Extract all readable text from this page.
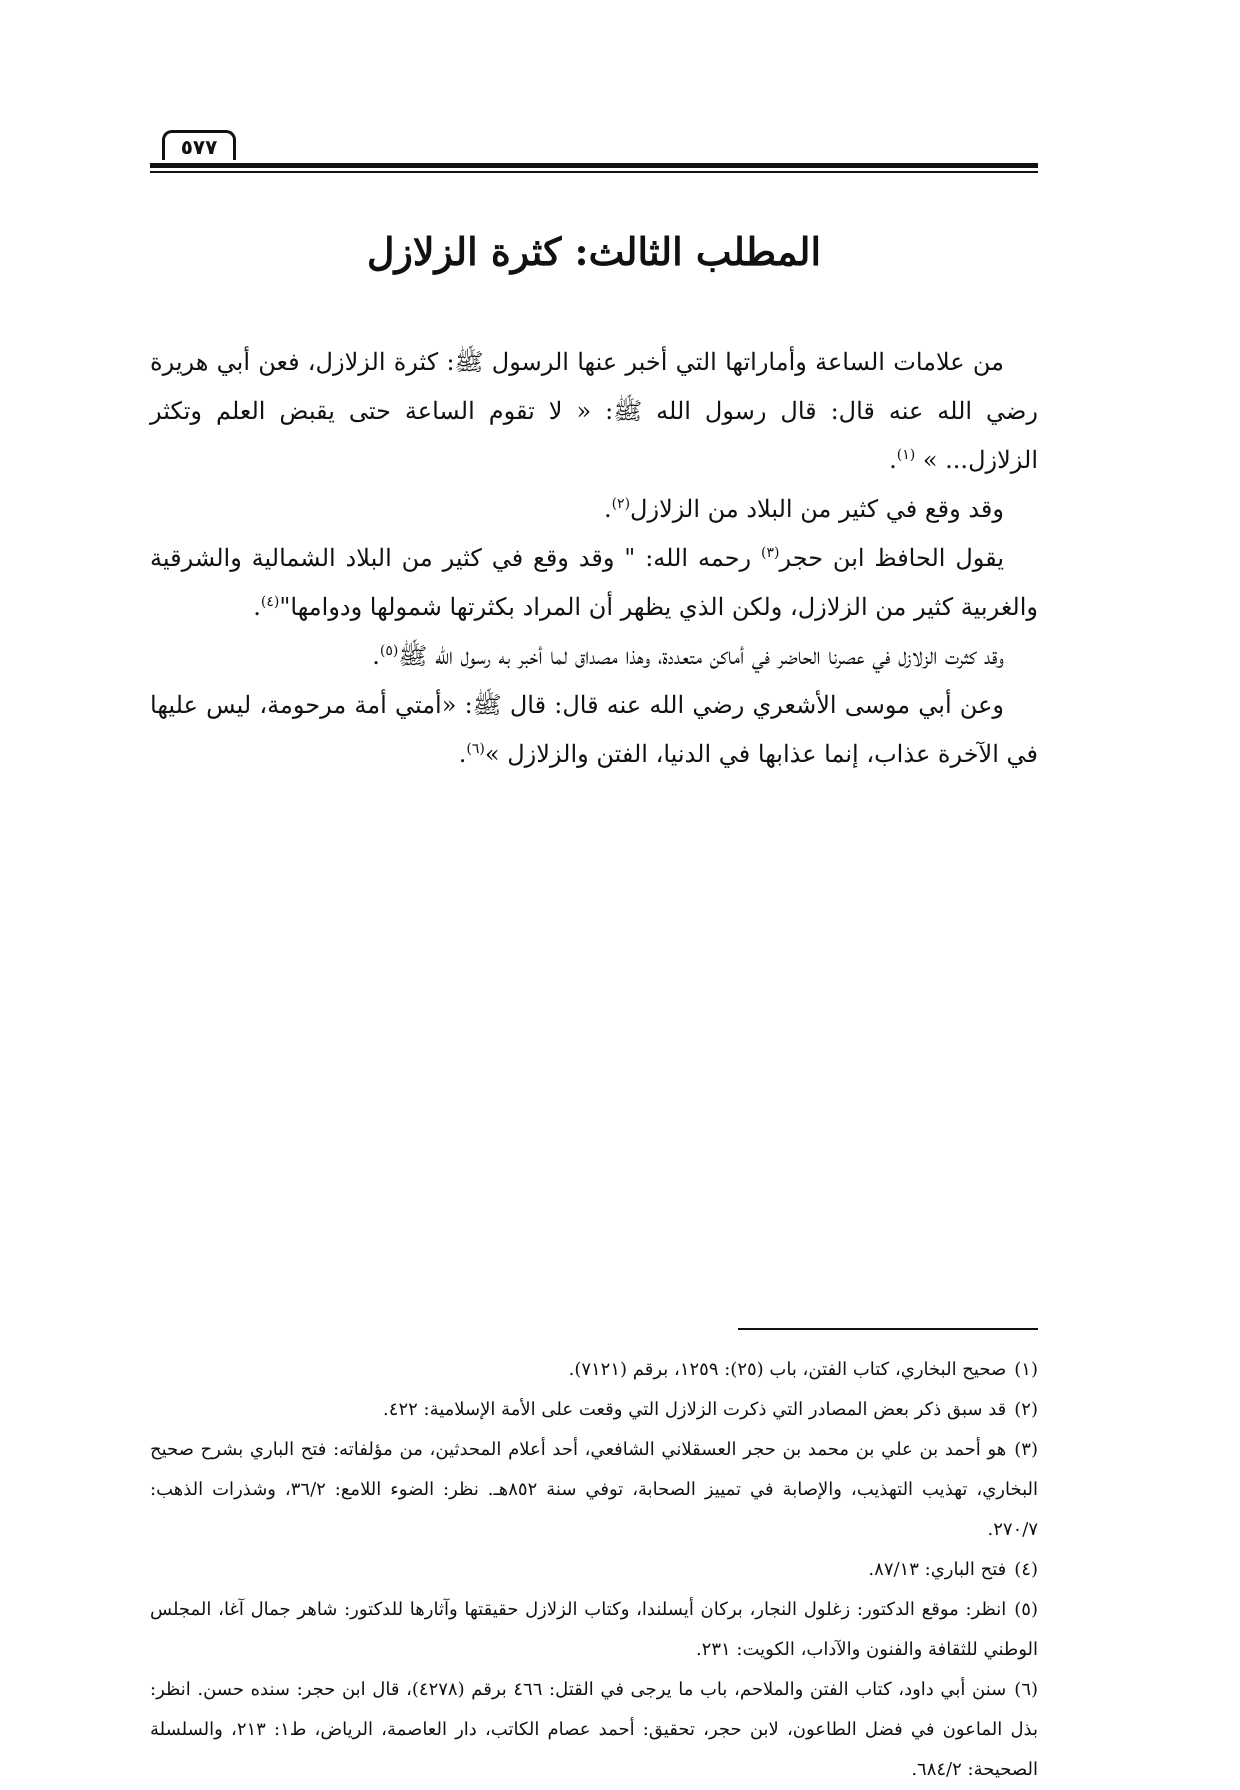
٥٧٧
المطلب الثالث: كثرة الزلازل

من علامات الساعة وأماراتها التي أخبر عنها الرسول ﷺ: كثرة الزلازل، فعن أبي هريرة رضي الله عنه قال: قال رسول الله ﷺ: « لا تقوم الساعة حتى يقبض العلم وتكثر الزلازل... » $^{(١)}$.

وقد وقع في كثير من البلاد من الزلازل$^{(٢)}$.

يقول الحافظ ابن حجر$^{(٣)}$ رحمه الله: " وقد وقع في كثير من البلاد الشمالية والشرقية والغربية كثير من الزلازل، ولكن الذي يظهر أن المراد بكثرتها شمولها ودوامها"$^{(٤)}$.

وقد كثرت الزلازل في عصرنا الحاضر في أماكن متعددة، وهذا مصداق لما أخبر به رسول الله ﷺ$^{(٥)}$.

وعن أبي موسى الأشعري رضي الله عنه قال: قال ﷺ: «أمتي أمة مرحومة، ليس عليها في الآخرة عذاب، إنما عذابها في الدنيا، الفتن والزلازل »$^{(٦)}$.

(١)صحيح البخاري، كتاب الفتن، باب (٢٥): ١٢٥٩، برقم (٧١٢١).

(٢)قد سبق ذكر بعض المصادر التي ذكرت الزلازل التي وقعت على الأمة الإسلامية: ٤٢٢.

(٣)هو أحمد بن علي بن محمد بن حجر العسقلاني الشافعي، أحد أعلام المحدثين، من مؤلفاته: فتح الباري بشرح صحيح البخاري، تهذيب التهذيب، والإصابة في تمييز الصحابة، توفي سنة ٨٥٢هـ. نظر: الضوء اللامع: ٣٦/٢، وشذرات الذهب: ٢٧٠/٧.

(٤)فتح الباري: ٨٧/١٣.

(٥)انظر: موقع الدكتور: زغلول النجار، بركان أيسلندا، وكتاب الزلازل حقيقتها وآثارها للدكتور: شاهر جمال آغا، المجلس الوطني للثقافة والفنون والآداب، الكويت: ٢٣١.

(٦)سنن أبي داود، كتاب الفتن والملاحم، باب ما يرجى في القتل: ٤٦٦ برقم (٤٢٧٨)، قال ابن حجر: سنده حسن. انظر: بذل الماعون في فضل الطاعون، لابن حجر، تحقيق: أحمد عصام الكاتب، دار العاصمة، الرياض، ط١: ٢١٣، والسلسلة الصحيحة: ٦٨٤/٢.
